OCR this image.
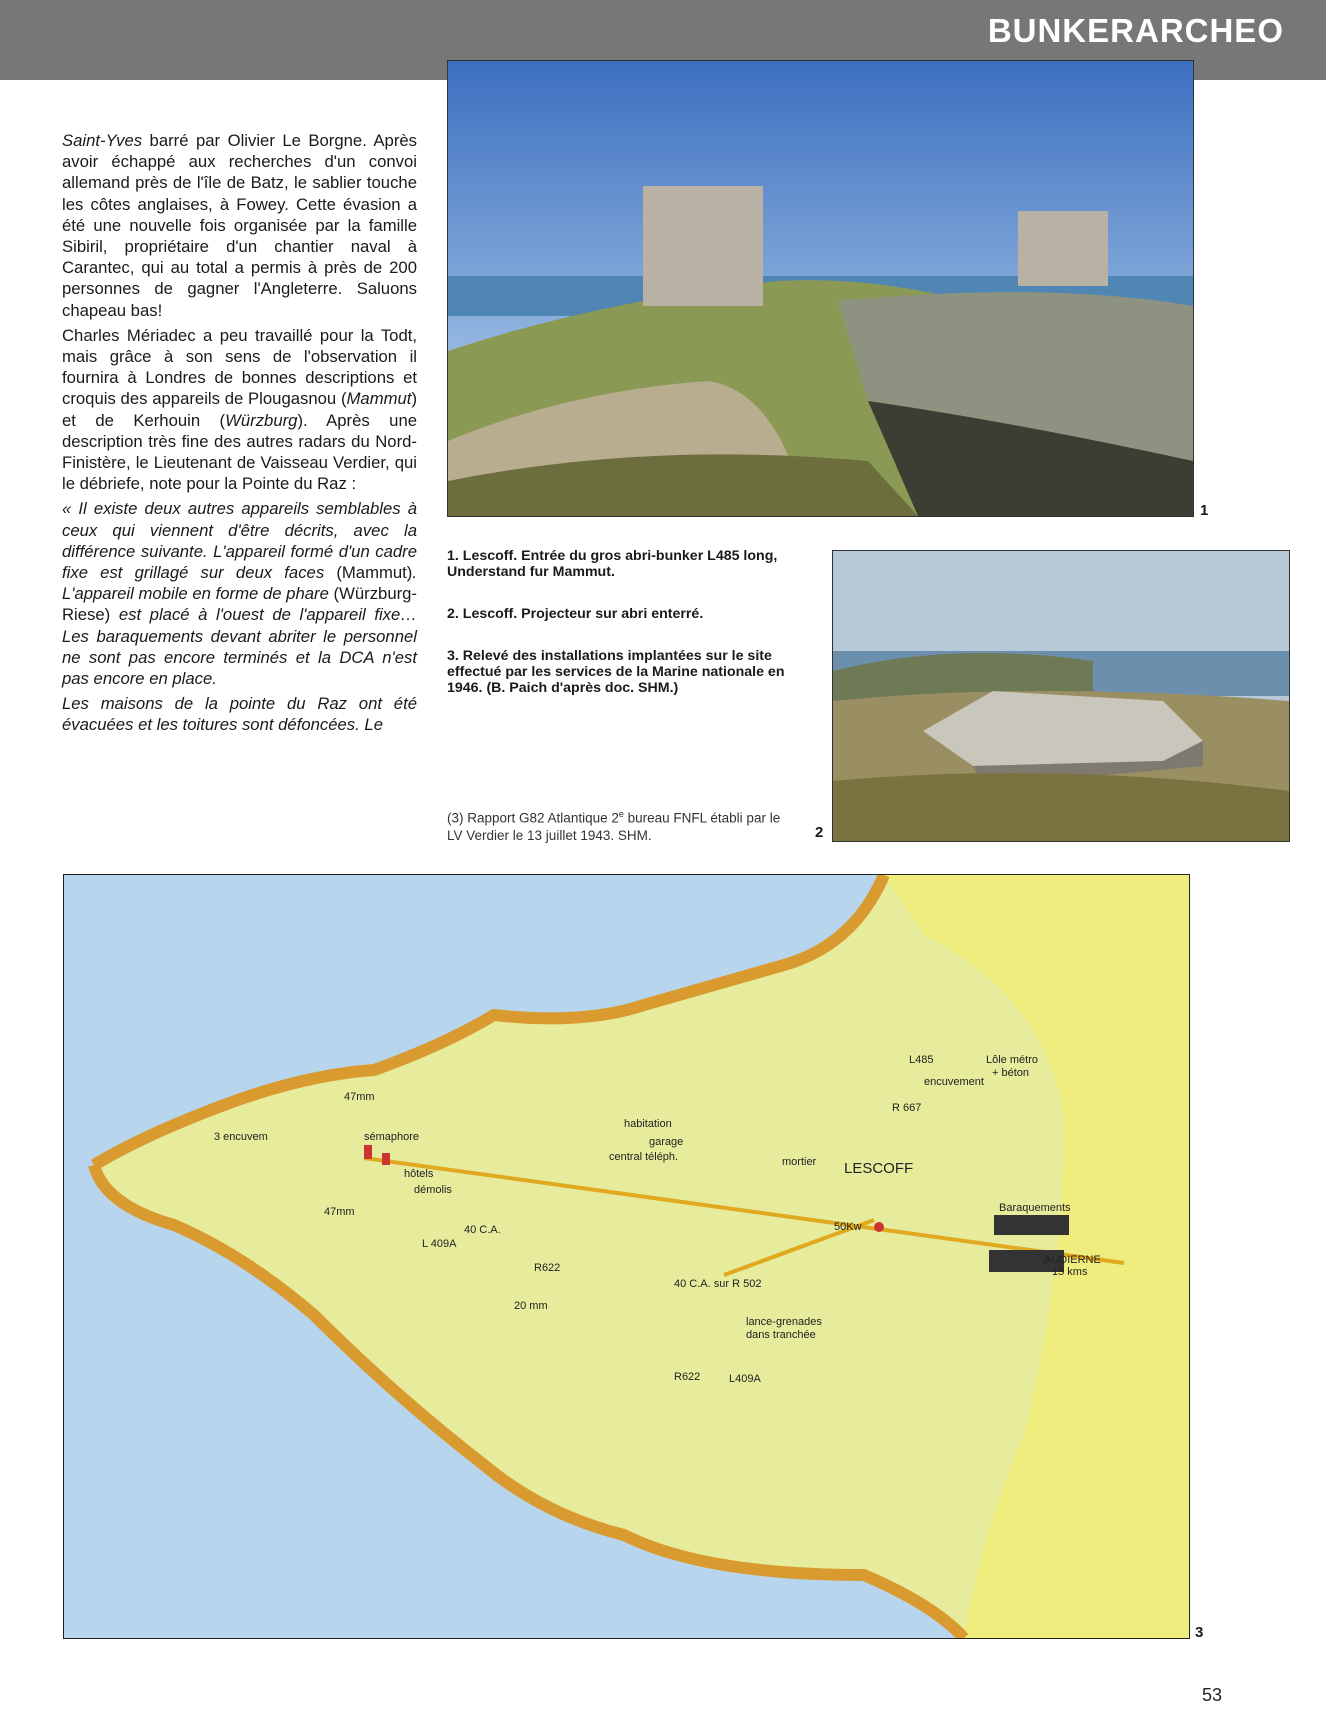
BUNKERARCHEO

Saint-Yves barré par Olivier Le Borgne. Après avoir échappé aux recherches d'un convoi allemand près de l'île de Batz, le sablier touche les côtes anglaises, à Fowey. Cette évasion a été une nouvelle fois organisée par la famille Sibiril, propriétaire d'un chantier naval à Carantec, qui au total a permis à près de 200 personnes de gagner l'Angleterre. Saluons chapeau bas!

Charles Mériadec a peu travaillé pour la Todt, mais grâce à son sens de l'observation il fournira à Londres de bonnes descriptions et croquis des appareils de Plougasnou (Mammut) et de Kerhouin (Würzburg). Après une description très fine des autres radars du Nord-Finistère, le Lieutenant de Vaisseau Verdier, qui le débriefe, note pour la Pointe du Raz :

« Il existe deux autres appareils semblables à ceux qui viennent d'être décrits, avec la différence suivante. L'appareil formé d'un cadre fixe est grillagé sur deux faces (Mammut). L'appareil mobile en forme de phare (Würzburg-Riese) est placé à l'ouest de l'appareil fixe… Les baraquements devant abriter le personnel ne sont pas encore terminés et la DCA n'est pas encore en place.

Les maisons de la pointe du Raz ont été évacuées et les toitures sont défoncées. Le

1
2

1. Lescoff. Entrée du gros abri-bunker L485 long, Understand fur Mammut.

2. Lescoff. Projecteur sur abri enterré.

3. Relevé des installations implantées sur le site effectué par les services de la Marine nationale en 1946. (B. Paich d'après doc. SHM.)

(3) Rapport G82 Atlantique 2e bureau FNFL établi par le LV Verdier le 13 juillet 1943. SHM.
3 encuvem
47mm
47mm
sémaphore
hôtels
démolis
habitation
garage
central téléph.	mortier LESCOFF
L485
encuvement
Lôle métro
+ béton
R 667
40 C.A.
L 409A
R622
20 mm
50Kw
Baraquements
AUDIERNE
15 kms
40 C.A. sur R 502
lance-grenades
dans tranchée
R622	L409A
3
53
